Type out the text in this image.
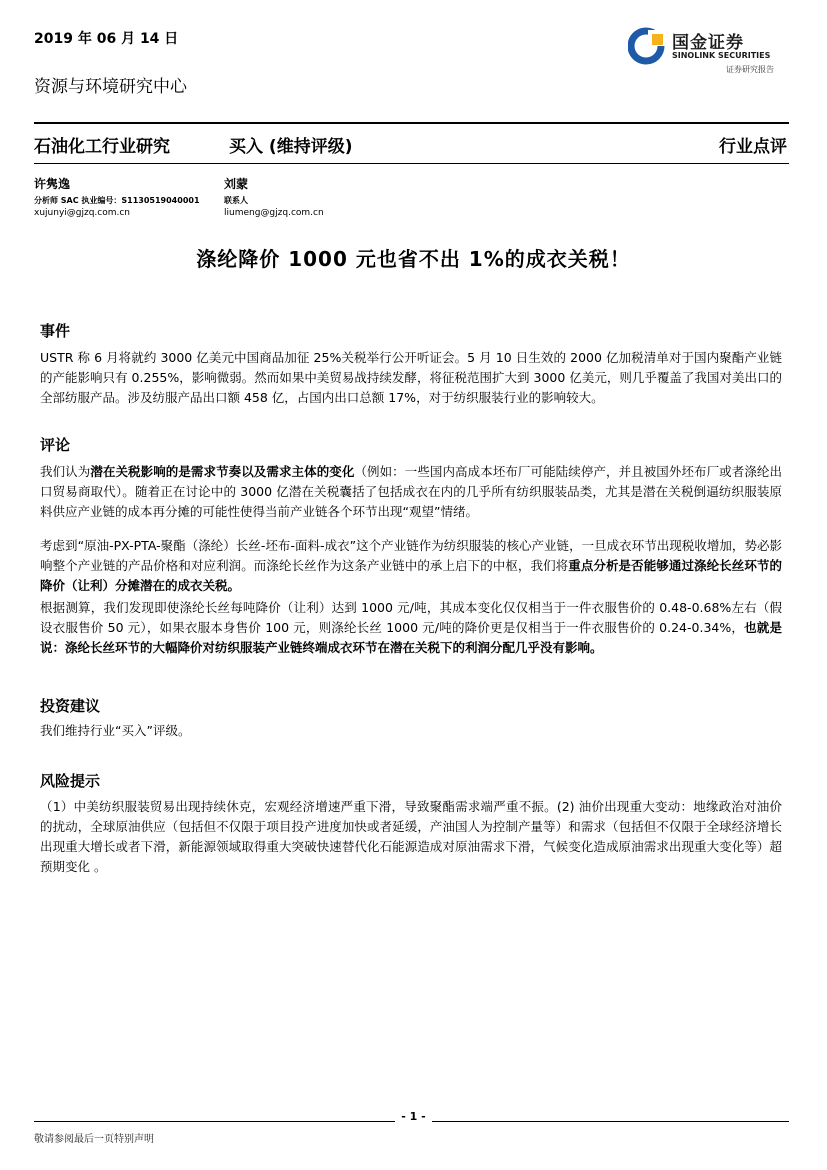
2019 年 06 月 14 日
资源与环境研究中心
国金证券
SINOLINK SECURITIES
证券研究报告
石油化工行业研究	买入 (维持评级)	行业点评
许隽逸
分析师 SAC 执业编号：S1130519040001
xujunyi@gjzq.com.cn
刘蒙
联系人
liumeng@gjzq.com.cn
涤纶降价 1000 元也省不出 1%的成衣关税！
事件
USTR 称 6 月将就约 3000 亿美元中国商品加征 25%关税举行公开听证会。5 月 10 日生效的 2000 亿加税清单对于国内聚酯产业链的产能影响只有 0.255%，影响微弱。然而如果中美贸易战持续发酵，将征税范围扩大到 3000 亿美元，则几乎覆盖了我国对美出口的全部纺服产品。涉及纺服产品出口额 458 亿，占国内出口总额 17%，对于纺织服装行业的影响较大。
评论
我们认为潜在关税影响的是需求节奏以及需求主体的变化（例如：一些国内高成本坯布厂可能陆续停产，并且被国外坯布厂或者涤纶出口贸易商取代）。随着正在讨论中的 3000 亿潜在关税囊括了包括成衣在内的几乎所有纺织服装品类，尤其是潜在关税倒逼纺织服装原料供应产业链的成本再分摊的可能性使得当前产业链各个环节出现“观望”情绪。
考虑到“原油-PX-PTA-聚酯（涤纶）长丝-坯布-面料-成衣”这个产业链作为纺织服装的核心产业链，一旦成衣环节出现税收增加，势必影响整个产业链的产品价格和对应利润。而涤纶长丝作为这条产业链中的承上启下的中枢，我们将重点分析是否能够通过涤纶长丝环节的降价（让利）分摊潜在的成衣关税。
根据测算，我们发现即使涤纶长丝每吨降价（让利）达到 1000 元/吨，其成本变化仅仅相当于一件衣服售价的 0.48-0.68%左右（假设衣服售价 50 元），如果衣服本身售价 100 元，则涤纶长丝 1000 元/吨的降价更是仅相当于一件衣服售价的 0.24-0.34%，也就是说：涤纶长丝环节的大幅降价对纺织服装产业链终端成衣环节在潜在关税下的利润分配几乎没有影响。
投资建议
我们维持行业“买入”评级。
风险提示
（1）中美纺织服装贸易出现持续休克，宏观经济增速严重下滑，导致聚酯需求端严重不振。(2) 油价出现重大变动：地缘政治对油价的扰动，全球原油供应（包括但不仅限于项目投产进度加快或者延缓，产油国人为控制产量等）和需求（包括但不仅限于全球经济增长出现重大增长或者下滑，新能源领域取得重大突破快速替代化石能源造成对原油需求下滑，气候变化造成原油需求出现重大变化等）超预期变化 。
- 1 -
敬请参阅最后一页特别声明
